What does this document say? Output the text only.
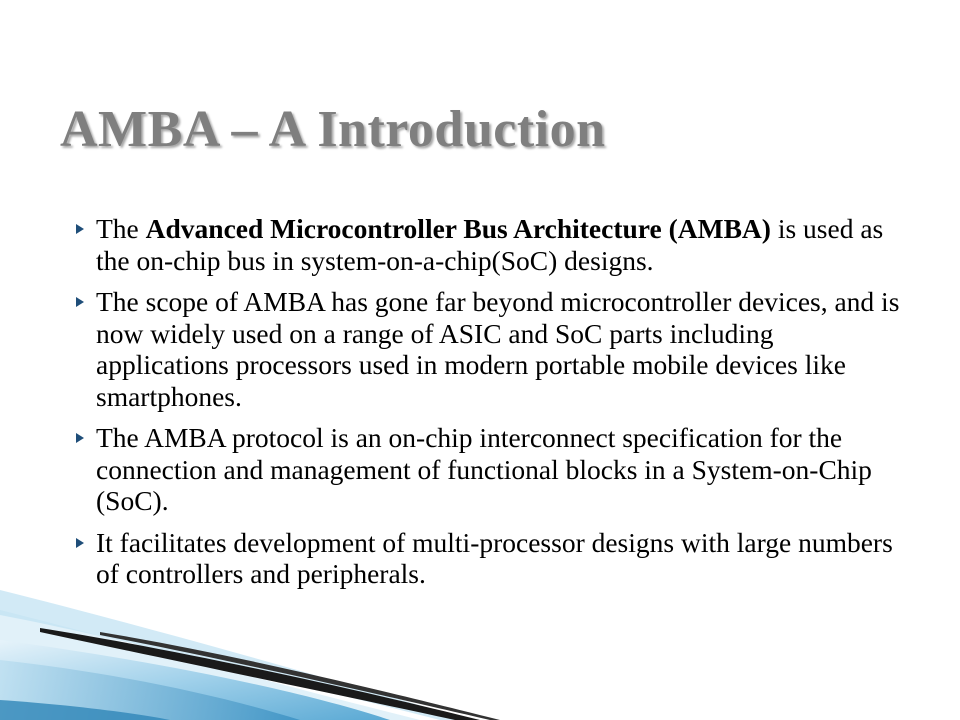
AMBA – A Introduction
The Advanced Microcontroller Bus Architecture (AMBA) is used as the on-chip bus in system-on-a-chip(SoC) designs.
The scope of AMBA has gone far beyond microcontroller devices, and is now widely used on a range of ASIC and SoC parts including applications processors used in modern portable mobile devices like smartphones.
The AMBA protocol is an on-chip interconnect specification for the connection and management of functional blocks in a System-on-Chip (SoC).
It facilitates development of multi-processor designs with large numbers of controllers and peripherals.
